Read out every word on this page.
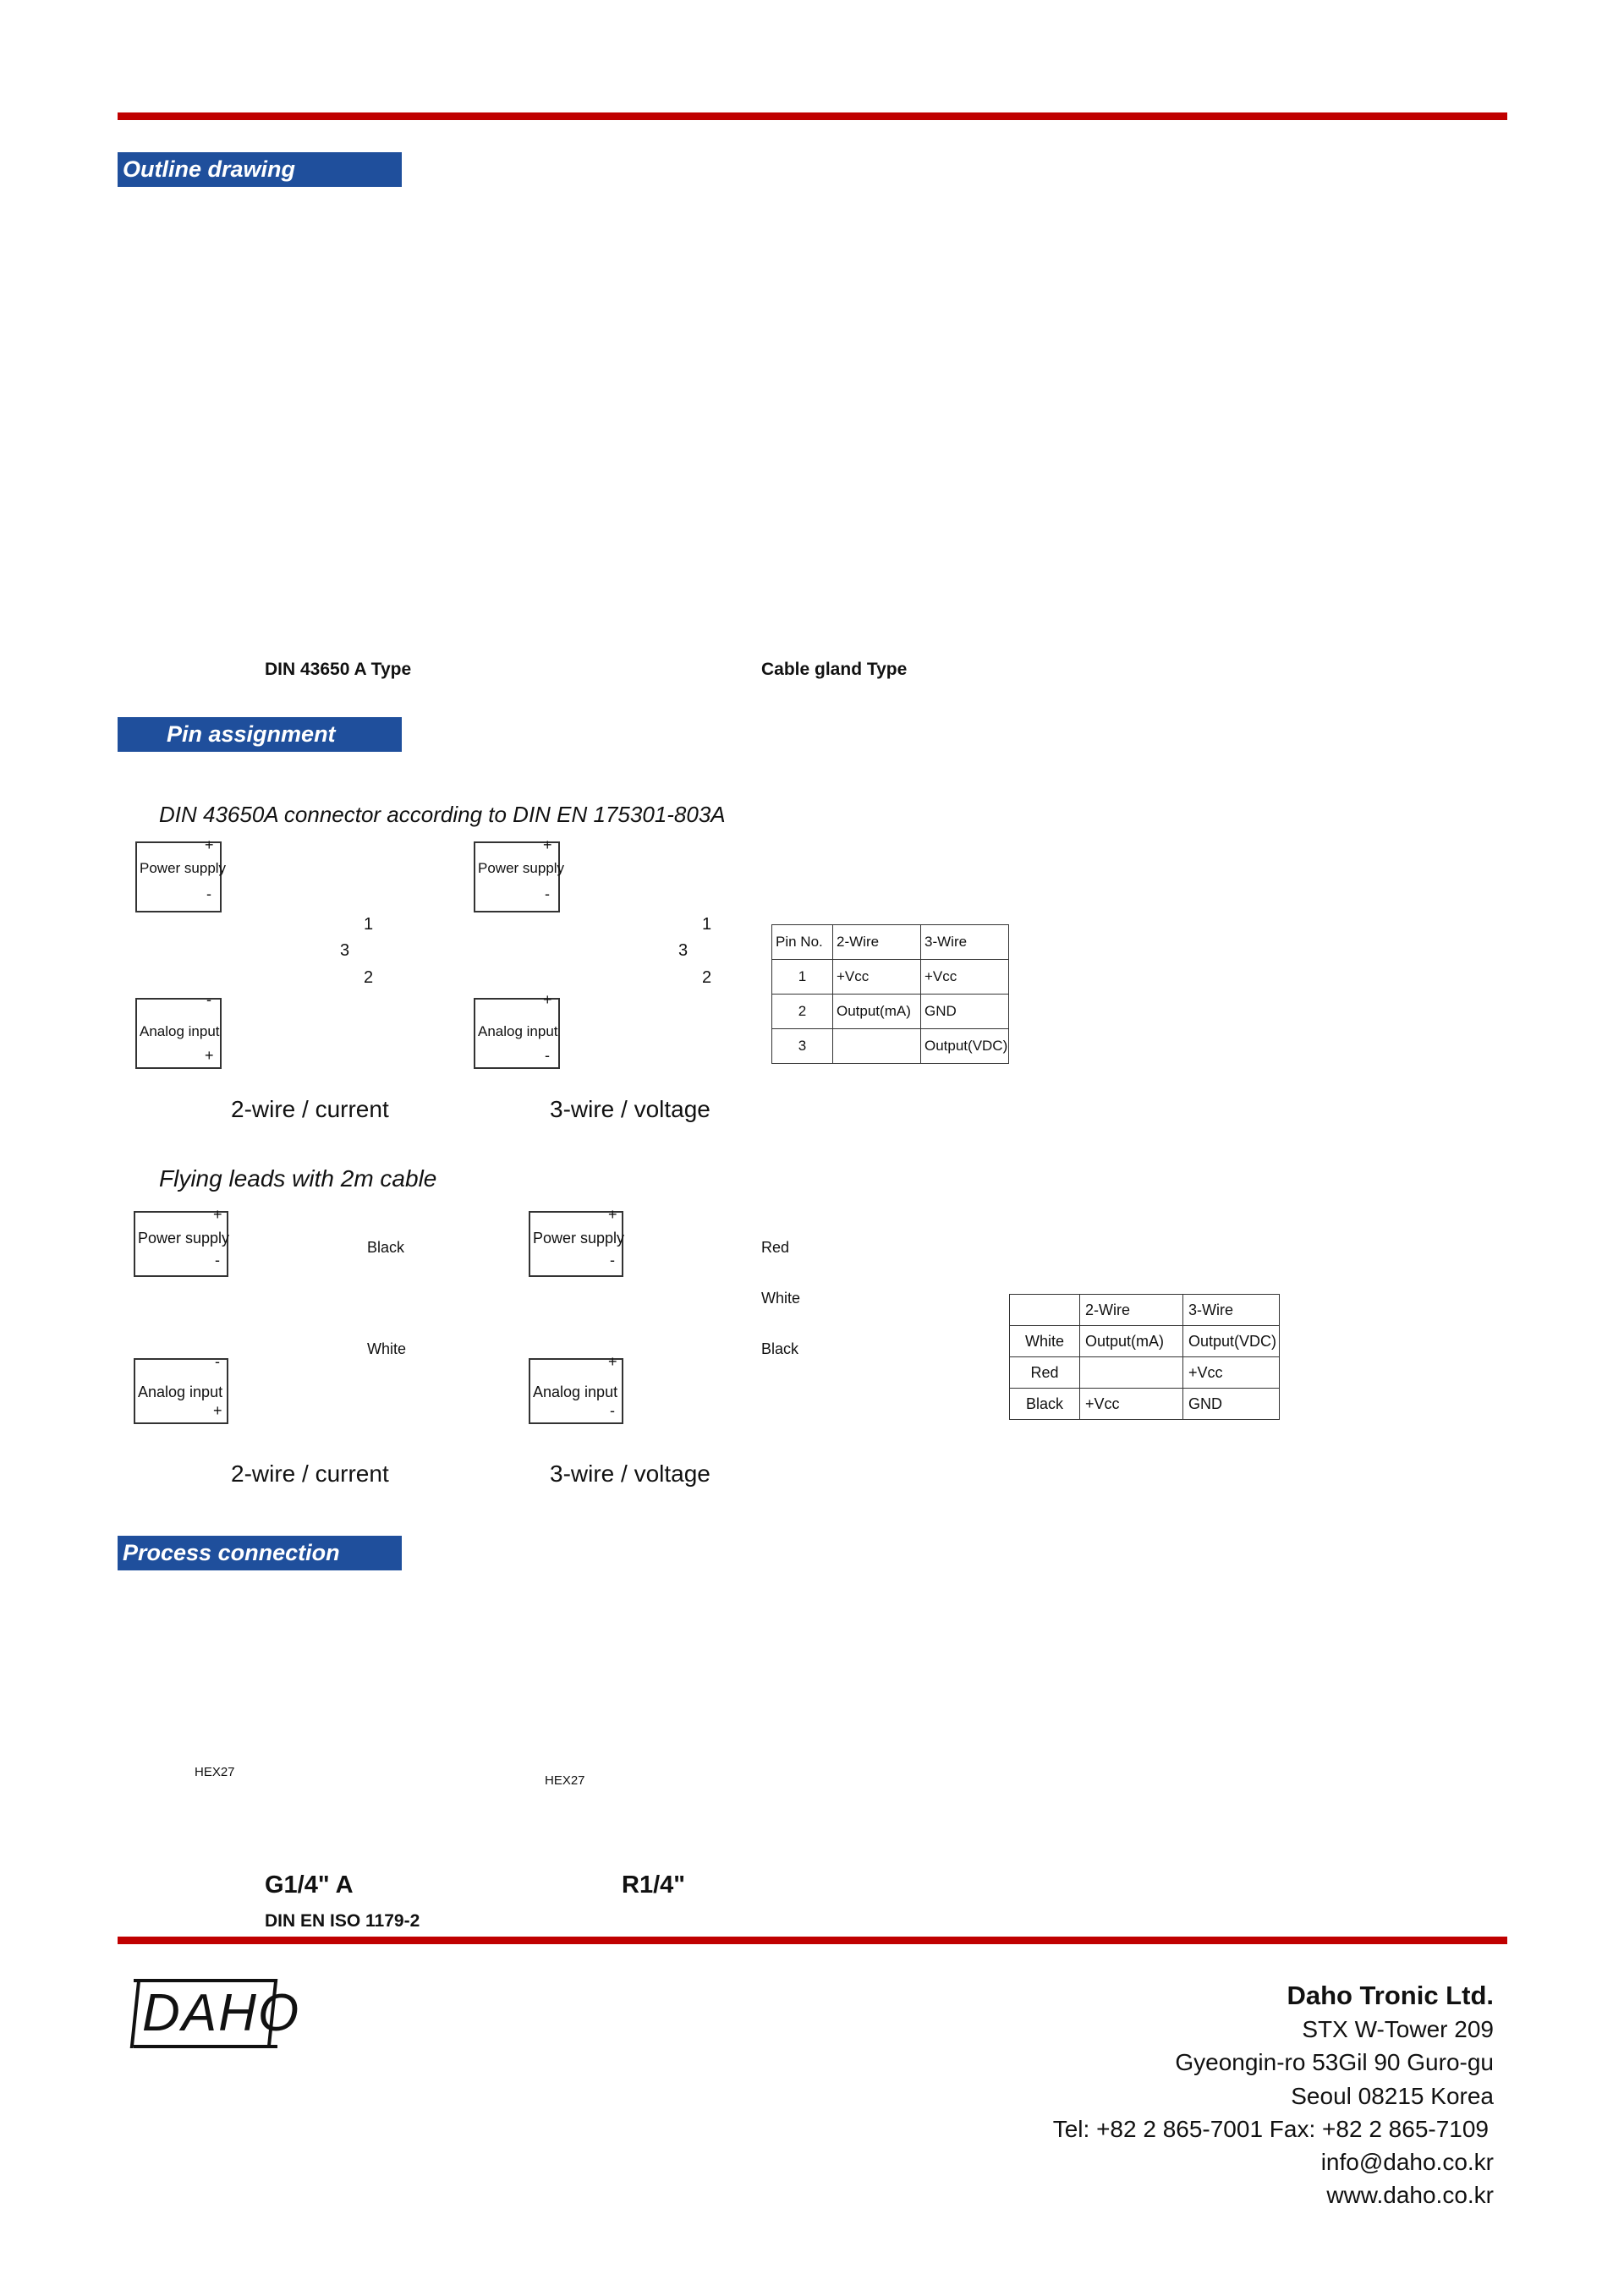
Outline drawing
80
31
9
57
34
9
DIN 43650 A Type	Cable gland Type
Pin assignment
DIN 43650A connector according to DIN EN 175301-803A
Power supply
+
-
Analog input
-
+
1
3
2
Power supply
+
-
Analog input
+
-
1
3
2
Pin No.	2-Wire	3-Wire
1	+Vcc	+Vcc
2	Output(mA)	GND
3		Output(VDC)
2-wire / current	3-wire / voltage
Flying leads with 2m cable
Power supply
+
-
Analog input
-
+
Black
White
Power supply
+
-
Analog input
+
-
Red
White
Black
	2-Wire	3-Wire
White	Output(mA)	Output(VDC)
Red		+Vcc
Black	+Vcc	GND
2-wire / current	3-wire / voltage
Process connection
HEX27	12 15
HEX27
14
G1/4" A
DIN EN ISO 1179-2
R1/4"
DAHO	Daho Tronic Ltd.
STX W-Tower 209
Gyeongin-ro 53Gil 90 Guro-gu
Seoul 08215 Korea
Tel: +82 2 865-7001 Fax: +82 2 865-7109
info@daho.co.kr
www.daho.co.kr
